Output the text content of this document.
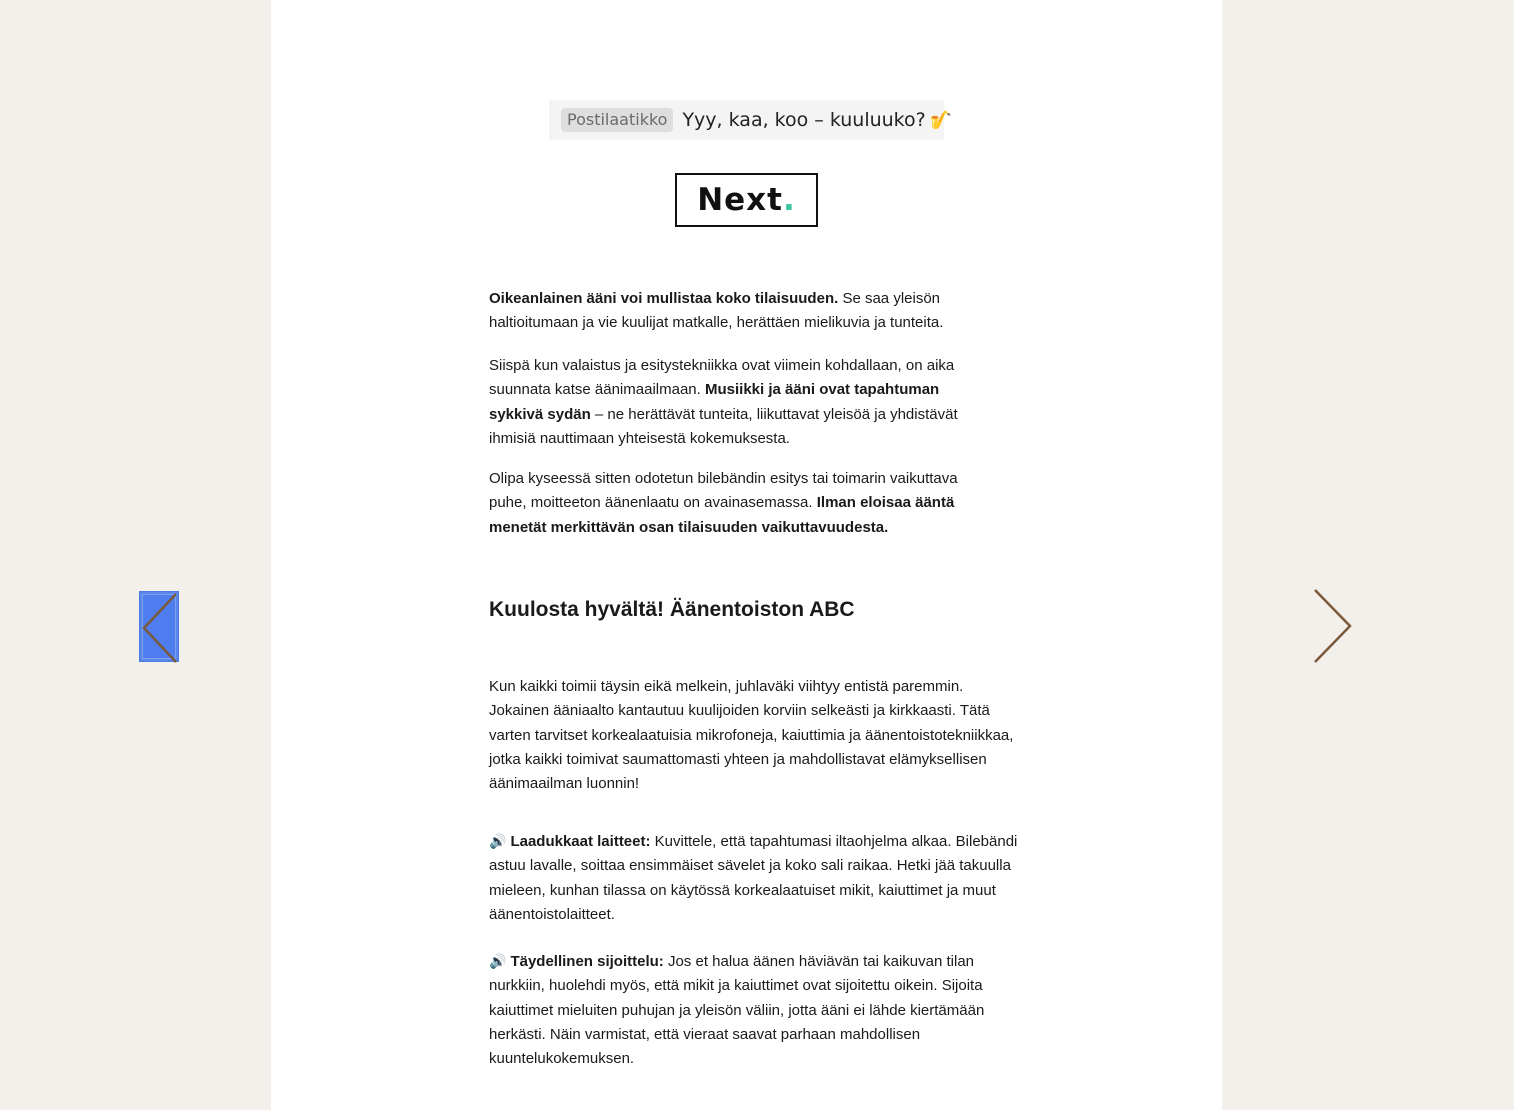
Postilaatikko Yyy, kaa, koo – kuuluuko? 🎷
Next.

Oikeanlainen ääni voi mullistaa koko tilaisuuden. Se saa yleisön haltioitumaan ja vie kuulijat matkalle, herättäen mielikuvia ja tunteita.

Siispä kun valaistus ja esitystekniikka ovat viimein kohdallaan, on aika suunnata katse äänimaailmaan. Musiikki ja ääni ovat tapahtuman sykkivä sydän – ne herättävät tunteita, liikuttavat yleisöä ja yhdistävät ihmisiä nauttimaan yhteisestä kokemuksesta.

Olipa kyseessä sitten odotetun bilebändin esitys tai toimarin vaikuttava puhe, moitteeton äänenlaatu on avainasemassa. Ilman eloisaa ääntä menetät merkittävän osan tilaisuuden vaikuttavuudesta.

Kuulosta hyvältä! Äänentoiston ABC

Kun kaikki toimii täysin eikä melkein, juhlaväki viihtyy entistä paremmin. Jokainen ääniaalto kantautuu kuulijoiden korviin selkeästi ja kirkkaasti. Tätä varten tarvitset korkealaatuisia mikrofoneja, kaiuttimia ja äänentoistotekniikkaa, jotka kaikki toimivat saumattomasti yhteen ja mahdollistavat elämyksellisen äänimaailman luonnin!

🔊 Laadukkaat laitteet: Kuvittele, että tapahtumasi iltaohjelma alkaa. Bilebändi astuu lavalle, soittaa ensimmäiset sävelet ja koko sali raikaa. Hetki jää takuulla mieleen, kunhan tilassa on käytössä korkealaatuiset mikit, kaiuttimet ja muut äänentoistolaitteet.

🔊 Täydellinen sijoittelu: Jos et halua äänen häviävän tai kaikuvan tilan nurkkiin, huolehdi myös, että mikit ja kaiuttimet ovat sijoitettu oikein. Sijoita kaiuttimet mieluiten puhujan ja yleisön väliin, jotta ääni ei lähde kiertämään herkästi. Näin varmistat, että vieraat saavat parhaan mahdollisen kuuntelukokemuksen.
